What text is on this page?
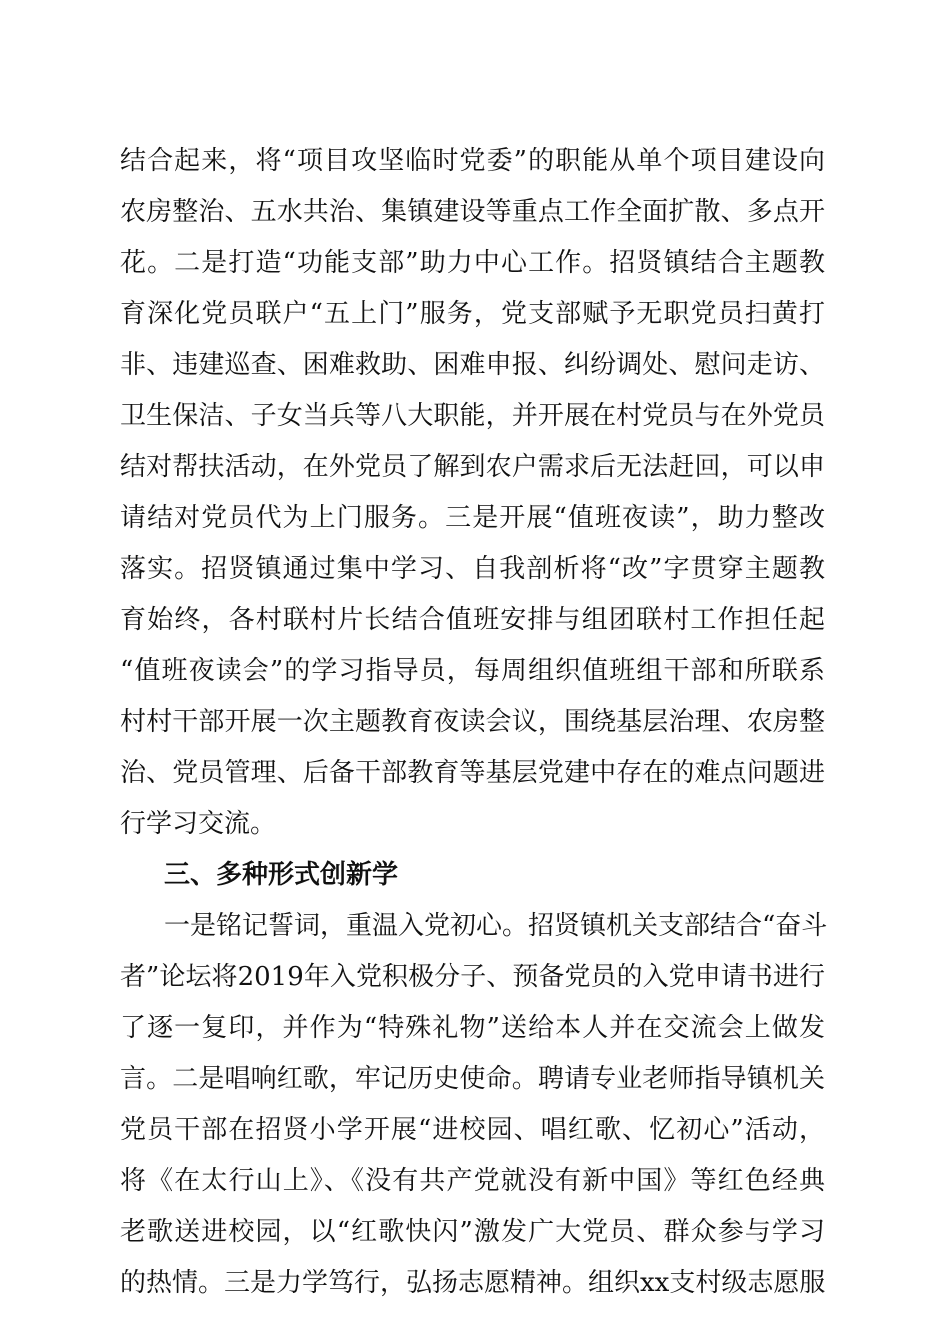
结合起来，将“项目攻坚临时党委”的职能从单个项目建设向
农房整治、五水共治、集镇建设等重点工作全面扩散、多点开
花。二是打造“功能支部”助力中心工作。招贤镇结合主题教
育深化党员联户“五上门”服务，党支部赋予无职党员扫黄打
非、违建巡查、困难救助、困难申报、纠纷调处、慰问走访、
卫生保洁、子女当兵等八大职能，并开展在村党员与在外党员
结对帮扶活动，在外党员了解到农户需求后无法赶回，可以申
请结对党员代为上门服务。三是开展“值班夜读”，助力整改
落实。招贤镇通过集中学习、自我剖析将“改”字贯穿主题教
育始终，各村联村片长结合值班安排与组团联村工作担任起
“值班夜读会”的学习指导员，每周组织值班组干部和所联系
村村干部开展一次主题教育夜读会议，围绕基层治理、农房整
治、党员管理、后备干部教育等基层党建中存在的难点问题进
行学习交流。
三、多种形式创新学
一是铭记誓词，重温入党初心。招贤镇机关支部结合“奋斗
者”论坛将2019年入党积极分子、预备党员的入党申请书进行
了逐一复印，并作为“特殊礼物”送给本人并在交流会上做发
言。二是唱响红歌，牢记历史使命。聘请专业老师指导镇机关
党员干部在招贤小学开展“进校园、唱红歌、忆初心”活动，
将《在太行山上》、《没有共产党就没有新中国》等红色经典
老歌送进校园，以“红歌快闪”激发广大党员、群众参与学习
的热情。三是力学笃行，弘扬志愿精神。组织xx支村级志愿服
